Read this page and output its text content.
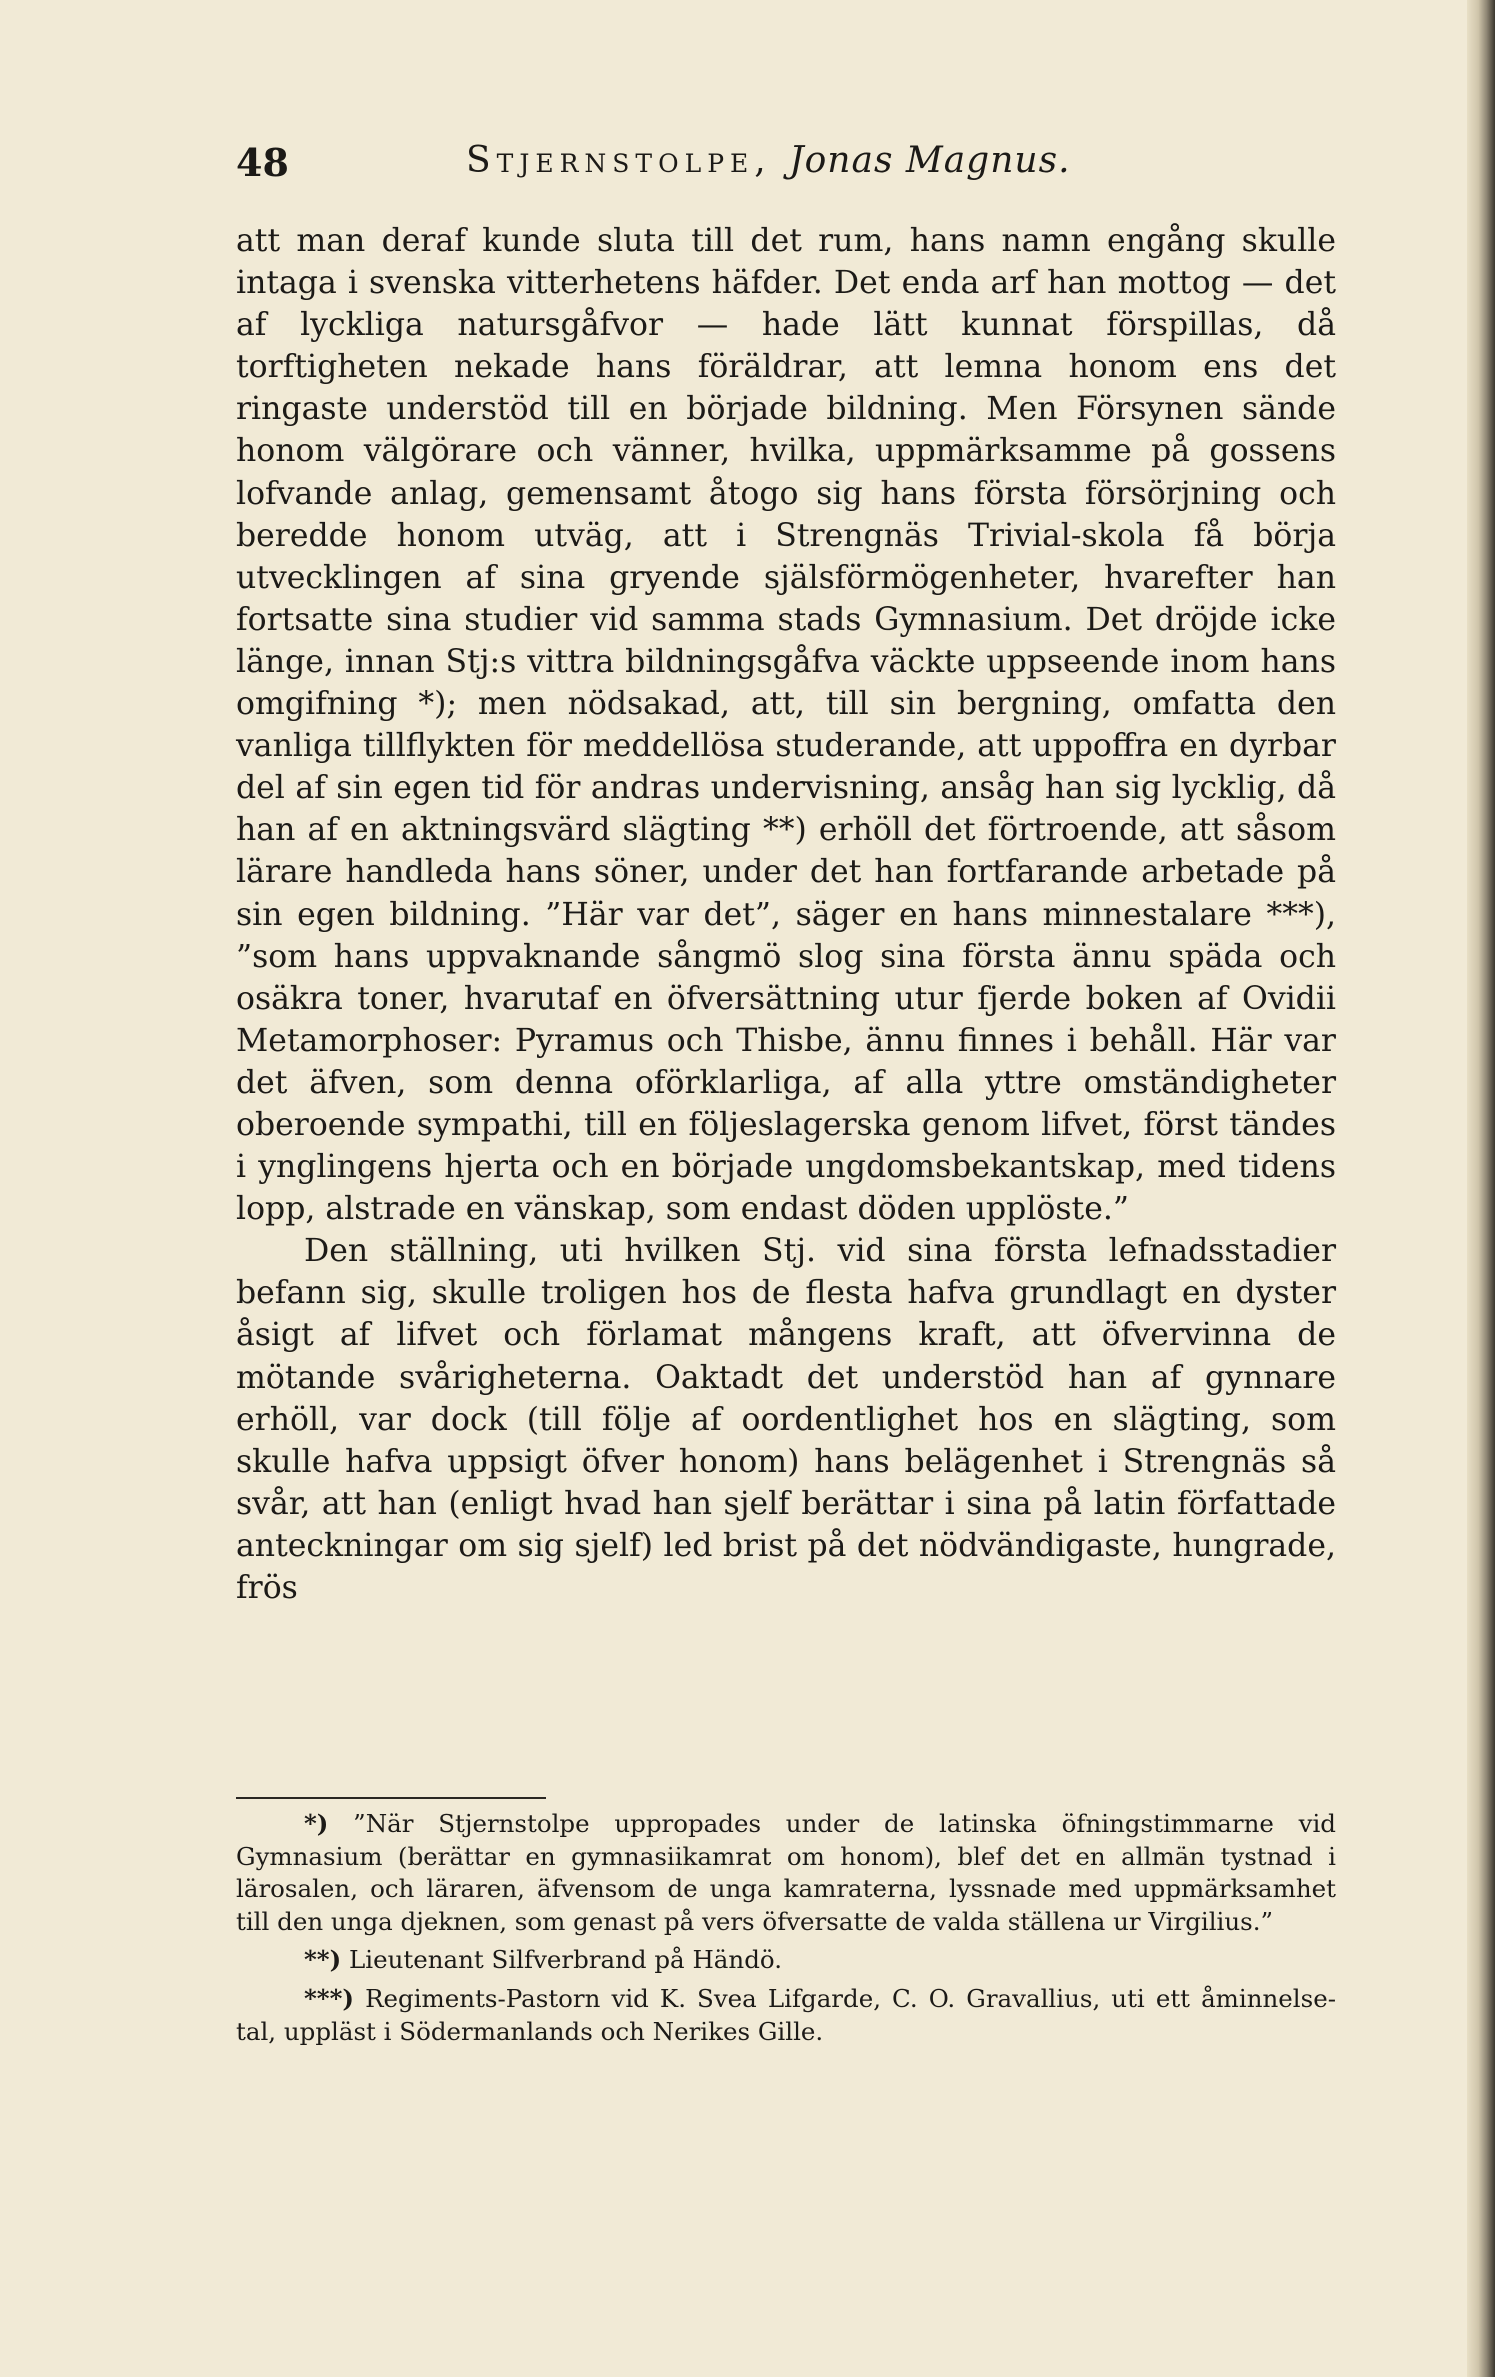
48	Stjernstolpe, Jonas Magnus.

att man deraf kunde sluta till det rum, hans namn engång skulle intaga i svenska vitterhetens häfder. Det enda arf han mottog — det af lyckliga natursgåfvor — hade lätt kunnat förspillas, då torftigheten nekade hans föräldrar, att lemna honom ens det ringaste understöd till en började bildning. Men Försynen sände honom välgörare och vänner, hvilka, uppmärksamme på gossens lofvande anlag, gemensamt åtogo sig hans första försörjning och beredde honom utväg, att i Strengnäs Trivial-skola få börja utvecklingen af sina gryende själsförmögenheter, hvarefter han fortsatte sina studier vid samma stads Gymnasium. Det dröjde icke länge, innan Stj:s vittra bildningsgåfva väckte uppseende inom hans omgifning *); men nödsakad, att, till sin bergning, omfatta den vanliga tillflykten för meddellösa studerande, att uppoffra en dyrbar del af sin egen tid för andras undervisning, ansåg han sig lycklig, då han af en aktningsvärd slägting **) erhöll det förtroende, att såsom lärare handleda hans söner, under det han fortfarande arbetade på sin egen bildning. ”Här var det”, säger en hans minnestalare ***), ”som hans uppvaknande sångmö slog sina första ännu späda och osäkra toner, hvarutaf en öfversättning utur fjerde boken af Ovidii Metamorphoser: Pyramus och Thisbe, ännu finnes i behåll. Här var det äfven, som denna oförklarliga, af alla yttre omständigheter oberoende sympathi, till en följeslagerska genom lifvet, först tändes i ynglingens hjerta och en började ungdomsbekantskap, med tidens lopp, alstrade en vänskap, som endast döden upplöste.”

Den ställning, uti hvilken Stj. vid sina första lefnadsstadier befann sig, skulle troligen hos de flesta hafva grundlagt en dyster åsigt af lifvet och förlamat mångens kraft, att öfvervinna de mötande svårigheterna. Oaktadt det understöd han af gynnare erhöll, var dock (till följe af oordentlighet hos en slägting, som skulle hafva uppsigt öfver honom) hans belägenhet i Strengnäs så svår, att han (enligt hvad han sjelf berättar i sina på latin författade anteckningar om sig sjelf) led brist på det nödvändigaste, hungrade, frös

*) ”När Stjernstolpe uppropades under de latinska öfningstimmarne vid Gymnasium (berättar en gymnasiikamrat om honom), blef det en allmän tystnad i lärosalen, och läraren, äfvensom de unga kamraterna, lyssnade med uppmärksamhet till den unga djeknen, som genast på vers öfversatte de valda ställena ur Virgilius.”

**) Lieutenant Silfverbrand på Händö.

***) Regiments-Pastorn vid K. Svea Lifgarde, C. O. Gravallius, uti ett åminnelse-tal, uppläst i Södermanlands och Nerikes Gille.
